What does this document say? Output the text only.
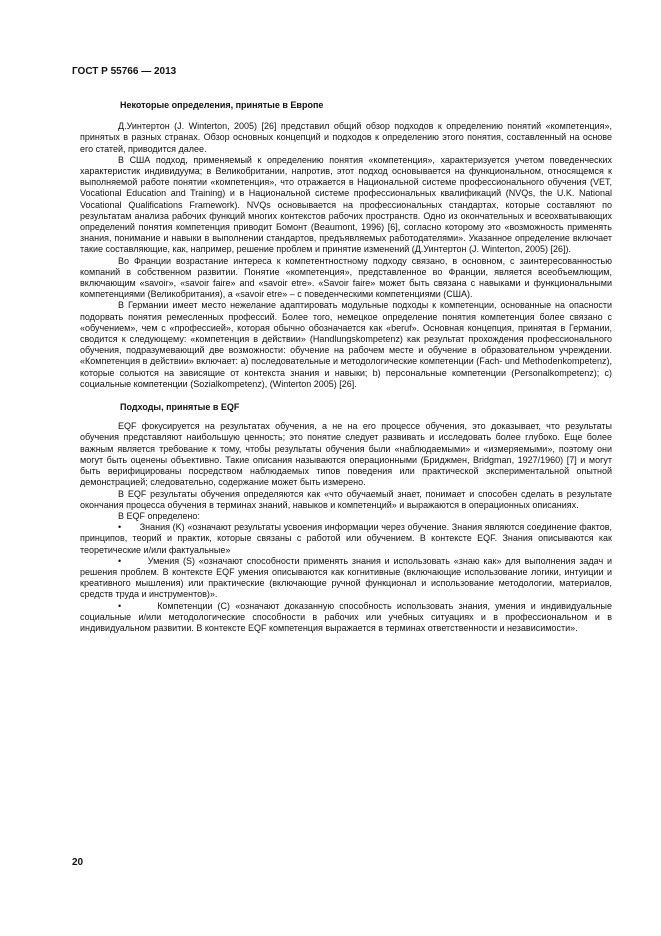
ГОСТ Р 55766 — 2013
Некоторые определения, принятые в Европе

Д.Уинтертон (J. Winterton, 2005) [26] представил общий обзор подходов к определению понятий «компетенция», принятых в разных странах. Обзор основных концепций и подходов к определению этого понятия, составленный на основе его статей, приводится далее.

В США подход, применяемый к определению понятия «компетенция», характеризуется учетом поведенческих характеристик индивидуума; в Великобритании, напротив, этот подход основывается на функциональном, относящемся к выполняемой работе понятии «компетенция», что отражается в Национальной системе профессионального обучения (VET, Vocational Education and Training) и в Национальной системе профессиональных квалификаций (NVQs, the U.K. National Vocational Qualifications Framework). NVQs основывается на профессиональных стандартах, которые составляют по результатам анализа рабочих функций многих контекстов рабочих пространств. Одно из окончательных и всеохватывающих определений понятия компетенция приводит Бомонт (Beaumont, 1996) [6], согласно которому это «возможность применять знания, понимание и навыки в выполнении стандартов, предъявляемых работодателями». Указанное определение включает такие составляющие, как, например, решение проблем и принятие изменений (Д.Уинтертон (J. Winterton, 2005) [26]).

Во Франции возрастание интереса к компетентностному подходу связано, в основном, с заинтересованностью компаний в собственном развитии. Понятие «компетенция», представленное во Франции, является всеобъемлющим, включающим «savoir», «savoir faire» and «savoir etre». «Savoir faire» может быть связана с навыками и функциональными компетенциями (Великобритания), а «savoir etre» – с поведенческими компетенциями (США).

В Германии имеет место нежелание адаптировать модульные подходы к компетенции, основанные на опасности подорвать понятия ремесленных профессий. Более того, немецкое определение понятия компетенция более связано с «обучением», чем с «профессией», которая обычно обозначается как «beruf». Основная концепция, принятая в Германии, сводится к следующему: «компетенция в действии» (Handlungskompetenz) как результат прохождения профессионального обучения, подразумевающий две возможности: обучение на рабочем месте и обучение в образовательном учреждении. «Компетенция в действии» включает: а) последовательные и методологические компетенции (Fach- und Methodenkompetenz), которые сольются на зависящие от контекста знания и навыки; b) персональные компетенции (Personalkompetenz); c) социальные компетенции (Sozialkompetenz), (Winterton 2005) [26].

Подходы, принятые в EQF

EQF фокусируется на результатах обучения, а не на его процессе обучения, это доказывает, что результаты обучения представляют наибольшую ценность; это понятие следует развивать и исследовать более глубоко. Еще более важным является требование к тому, чтобы результаты обучения были «наблюдаемыми» и «измеряемыми», поэтому они могут быть оценены объективно. Такие описания называются операционными (Бриджмен, Bridgman, 1927/1960) [7] и могут быть верифицированы посредством наблюдаемых типов поведения или практической экспериментальной опытной демонстрацией; следовательно, содержание может быть измерено.

В EQF результаты обучения определяются как «что обучаемый знает, понимает и способен сделать в результате окончания процесса обучения в терминах знаний, навыков и компетенций» и выражаются в операционных описаниях.

В EQF определено:

•       Знания (K) «означают результаты усвоения информации через обучение. Знания являются соединение фактов, принципов, теорий и практик, которые связаны с работой или обучением. В контексте EQF. Знания описываются как теоретические и/или фактуальные»

•       Умения (S) «означают способности применять знания и использовать «знаю как» для выполнения задач и решения проблем. В контексте EQF умения описываются как когнитивные (включающие использование логики, интуиции и креативного мышления) или практические (включающие ручной функционал и использование методологии, материалов, средств труда и инструментов)».

•       Компетенции (C) «означают доказанную способность использовать знания, умения и индивидуальные социальные и/или методологические способности в рабочих или учебных ситуациях и в профессиональном и в индивидуальном развитии. В контексте EQF компетенция выражается в терминах ответственности и независимости».

20
